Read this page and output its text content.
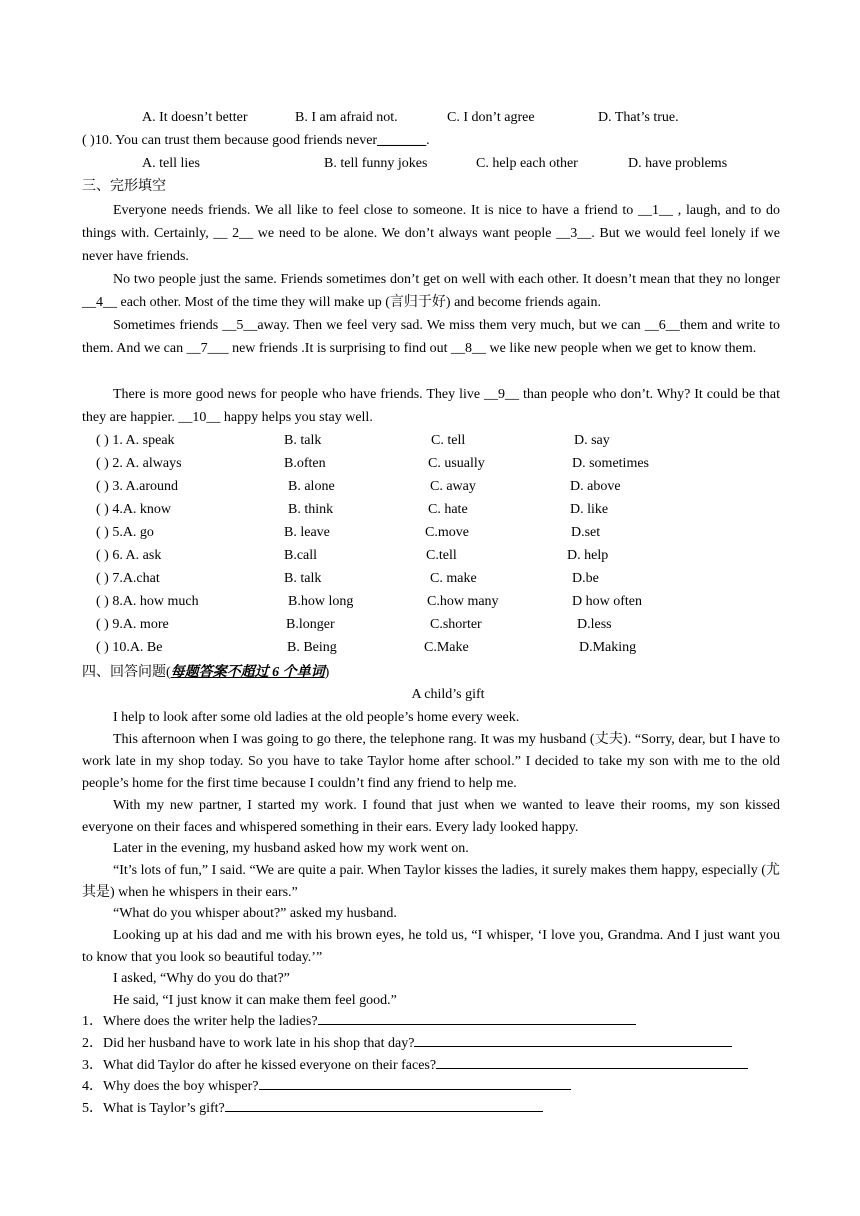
A. It doesn’t better	B. I am afraid not.	C. I don’t agree	D. That’s true.
( )10. You can trust them because good friends never_______.
A. tell lies	B. tell funny jokes	C. help each other	D. have problems
三、完形填空
Everyone needs friends. We all like to feel close to someone. It is nice to have a friend to __1__ , laugh, and to do things with. Certainly, __ 2__ we need to be alone. We don’t always want people __3__. But we would feel lonely if we never have friends.
No two people just the same. Friends sometimes don’t get on well with each other. It doesn’t mean that they no longer __4__ each other. Most of the time they will make up (言归于好) and become friends again.
Sometimes friends __5__away. Then we feel very sad. We miss them very much, but we can __6__them and write to them. And we can __7___ new friends .It is surprising to find out __8__ we like new people when we get to know them.
There is more good news for people who have friends. They live __9__ than people who don’t. Why? It could be that they are happier. __10__ happy helps you stay well.
( ) 1. A. speak	B. talk	C. tell	D. say
( ) 2. A. always	B.often	C. usually	D. sometimes
( ) 3. A.around	B. alone	C. away	D. above
( ) 4.A. know	B. think	C. hate	D. like
( ) 5.A. go	B. leave	C.move	D.set
( ) 6. A. ask	B.call	C.tell	D. help
( ) 7.A.chat	B. talk	C. make	D.be
( ) 8.A. how much	B.how long	C.how many	D how often
( ) 9.A. more	B.longer	C.shorter	D.less
( ) 10.A. Be	B. Being	C.Make	D.Making
四、回答问题(每题答案不超过 6 个单词)
A child’s gift
I help to look after some old ladies at the old people’s home every week.
This afternoon when I was going to go there, the telephone rang. It was my husband (丈夫). “Sorry, dear, but I have to work late in my shop today. So you have to take Taylor home after school.” I decided to take my son with me to the old people’s home for the first time because I couldn’t find any friend to help me.
With my new partner, I started my work. I found that just when we wanted to leave their rooms, my son kissed everyone on their faces and whispered something in their ears. Every lady looked happy.
Later in the evening, my husband asked how my work went on.
“It’s lots of fun,” I said. “We are quite a pair. When Taylor kisses the ladies, it surely makes them happy, especially (尤其是) when he whispers in their ears.”
“What do you whisper about?” asked my husband.
Looking up at his dad and me with his brown eyes, he told us, “I whisper, ‘I love you, Grandma. And I just want you to know that you look so beautiful today.’”
I asked, “Why do you do that?”
He said, “I just know it can make them feel good.”
1．Where does the writer help the ladies?
2．Did her husband have to work late in his shop that day?
3．What did Taylor do after he kissed everyone on their faces?
4．Why does the boy whisper?
5．What is Taylor’s gift?
